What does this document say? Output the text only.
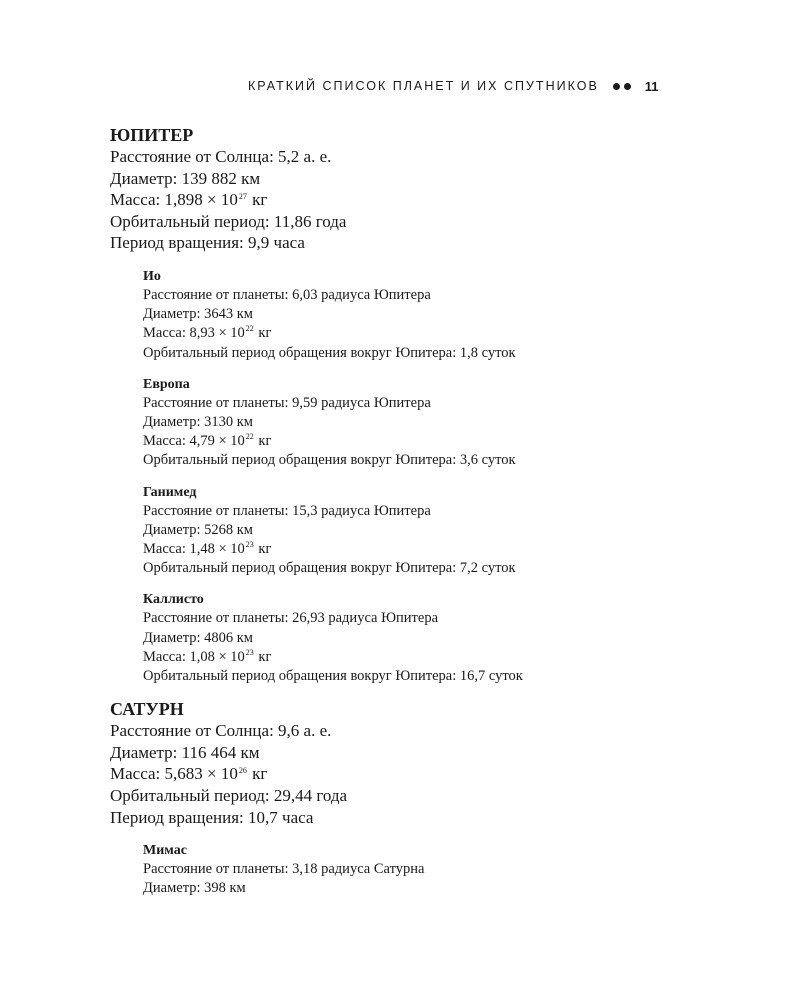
КРАТКИЙ СПИСОК ПЛАНЕТ И ИХ СПУТНИКОВ	11
ЮПИТЕР
Расстояние от Солнца: 5,2 а. е.
Диаметр: 139 882 км
Масса: $1,898 \times 10^{27}$ кг
Орбитальный период: 11,86 года
Период вращения: 9,9 часа
Ио
Расстояние от планеты: 6,03 радиуса Юпитера
Диаметр: 3643 км
Масса: $8,93 \times 10^{22}$ кг
Орбитальный период обращения вокруг Юпитера: 1,8 суток
Европа
Расстояние от планеты: 9,59 радиуса Юпитера
Диаметр: 3130 км
Масса: $4,79 \times 10^{22}$ кг
Орбитальный период обращения вокруг Юпитера: 3,6 суток
Ганимед
Расстояние от планеты: 15,3 радиуса Юпитера
Диаметр: 5268 км
Масса: $1,48 \times 10^{23}$ кг
Орбитальный период обращения вокруг Юпитера: 7,2 суток
Каллисто
Расстояние от планеты: 26,93 радиуса Юпитера
Диаметр: 4806 км
Масса: $1,08 \times 10^{23}$ кг
Орбитальный период обращения вокруг Юпитера: 16,7 суток
САТУРН
Расстояние от Солнца: 9,6 а. е.
Диаметр: 116 464 км
Масса: $5,683 \times 10^{26}$ кг
Орбитальный период: 29,44 года
Период вращения: 10,7 часа
Мимас
Расстояние от планеты: 3,18 радиуса Сатурна
Диаметр: 398 км
